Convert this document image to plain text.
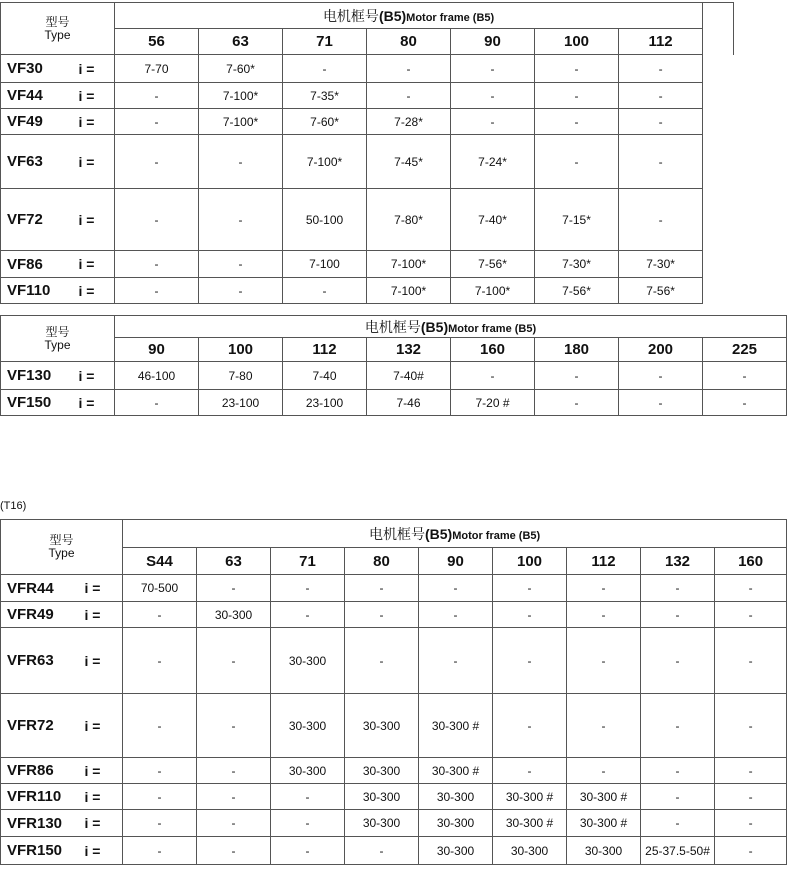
型号
Type		电机框号(B5)Motor frame (B5)							
		56	63	71	80	90	100	112	
VF30	i =	7-70	7-60*	-	-	-	-	-	
VF44	i =	-	7-100*	7-35*	-	-	-	-	
VF49	i =	-	7-100*	7-60*	7-28*	-	-	-	
VF63	i =	-	-	7-100*	7-45*	7-24*	-	-	
VF72	i =	-	-	50-100	7-80*	7-40*	7-15*	-	
VF86	i =	-	-	7-100	7-100*	7-56*	7-30*	7-30*	
VF110	i =	-	-	-	7-100*	7-100*	7-56*	7-56*	
型号
Type		电机框号(B5)Motor frame (B5)							
		90	100	112	132	160	180	200	225
VF130	i =	46-100	7-80	7-40	7-40#	-	-	-	-
VF150	i =	-	23-100	23-100	7-46	7-20 #	-	-	-
(T16)
型号
Type		电机框号(B5)Motor frame (B5)								
		S44	63	71	80	90	100	112	132	160
VFR44	i =	70-500	-	-	-	-	-	-	-	-
VFR49	i =	-	30-300	-	-	-	-	-	-	-
VFR63	i =	-	-	30-300	-	-	-	-	-	-
VFR72	i =	-	-	30-300	30-300	30-300 #	-	-	-	-
VFR86	i =	-	-	30-300	30-300	30-300 #	-	-	-	-
VFR110	i =	-	-	-	30-300	30-300	30-300 #	30-300 #	-	-
VFR130	i =	-	-	-	30-300	30-300	30-300 #	30-300 #	-	-
VFR150	i =	-	-	-	-	30-300	30-300	30-300	25-37.5-50#	-
